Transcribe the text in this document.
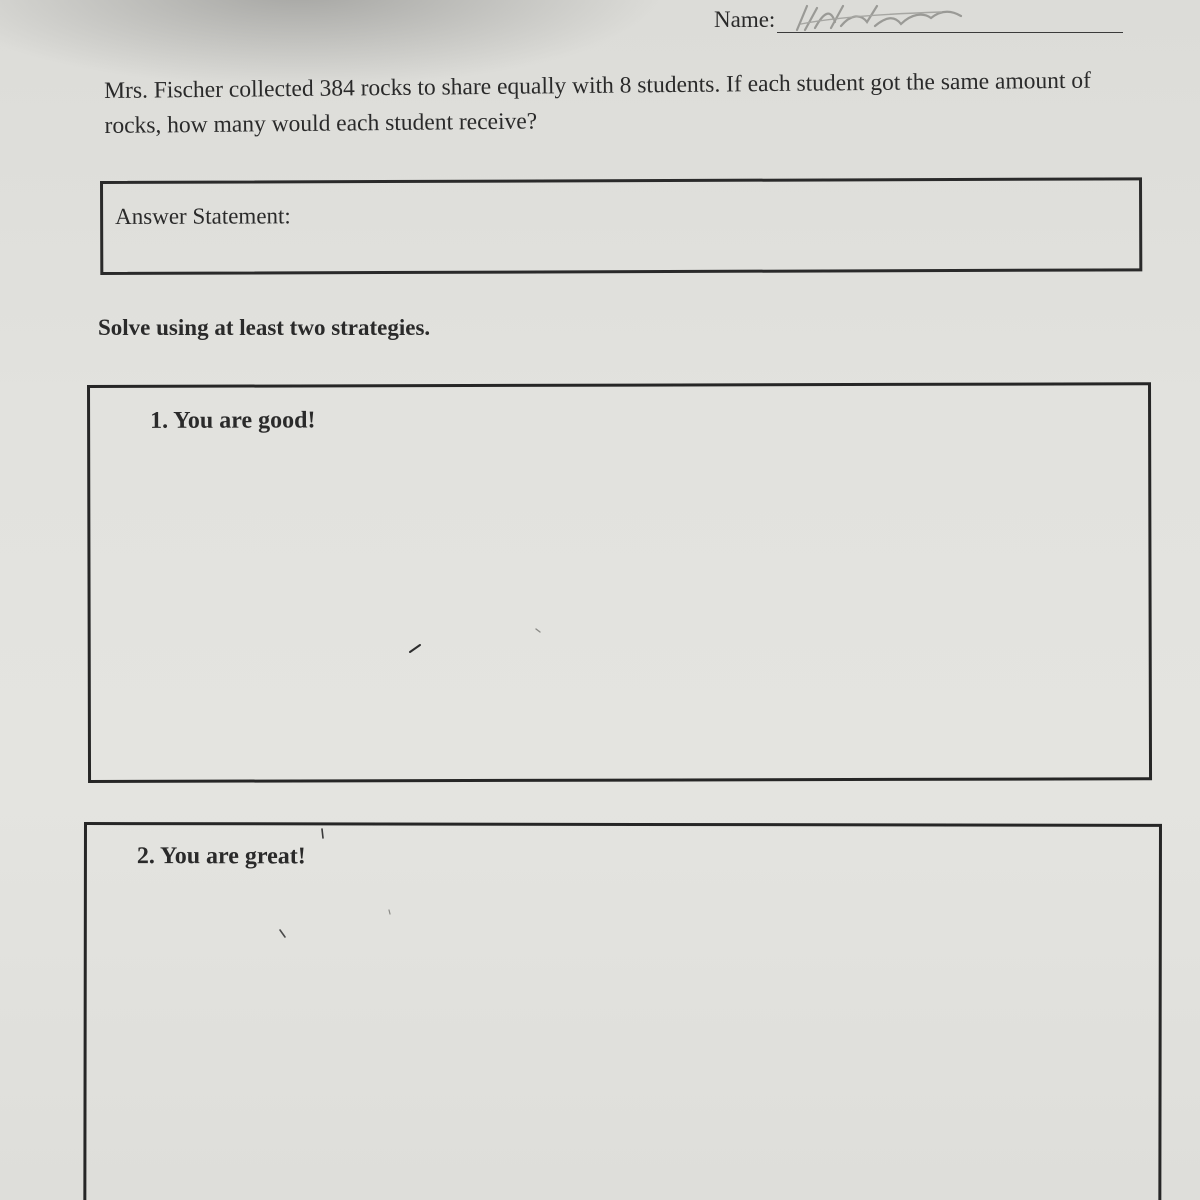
Name:
Mrs. Fischer collected 384 rocks to share equally with 8 students. If each student got the same amount of rocks, how many would each student receive?
Answer Statement:
Solve using at least two strategies.
1. You are good!
2. You are great!
